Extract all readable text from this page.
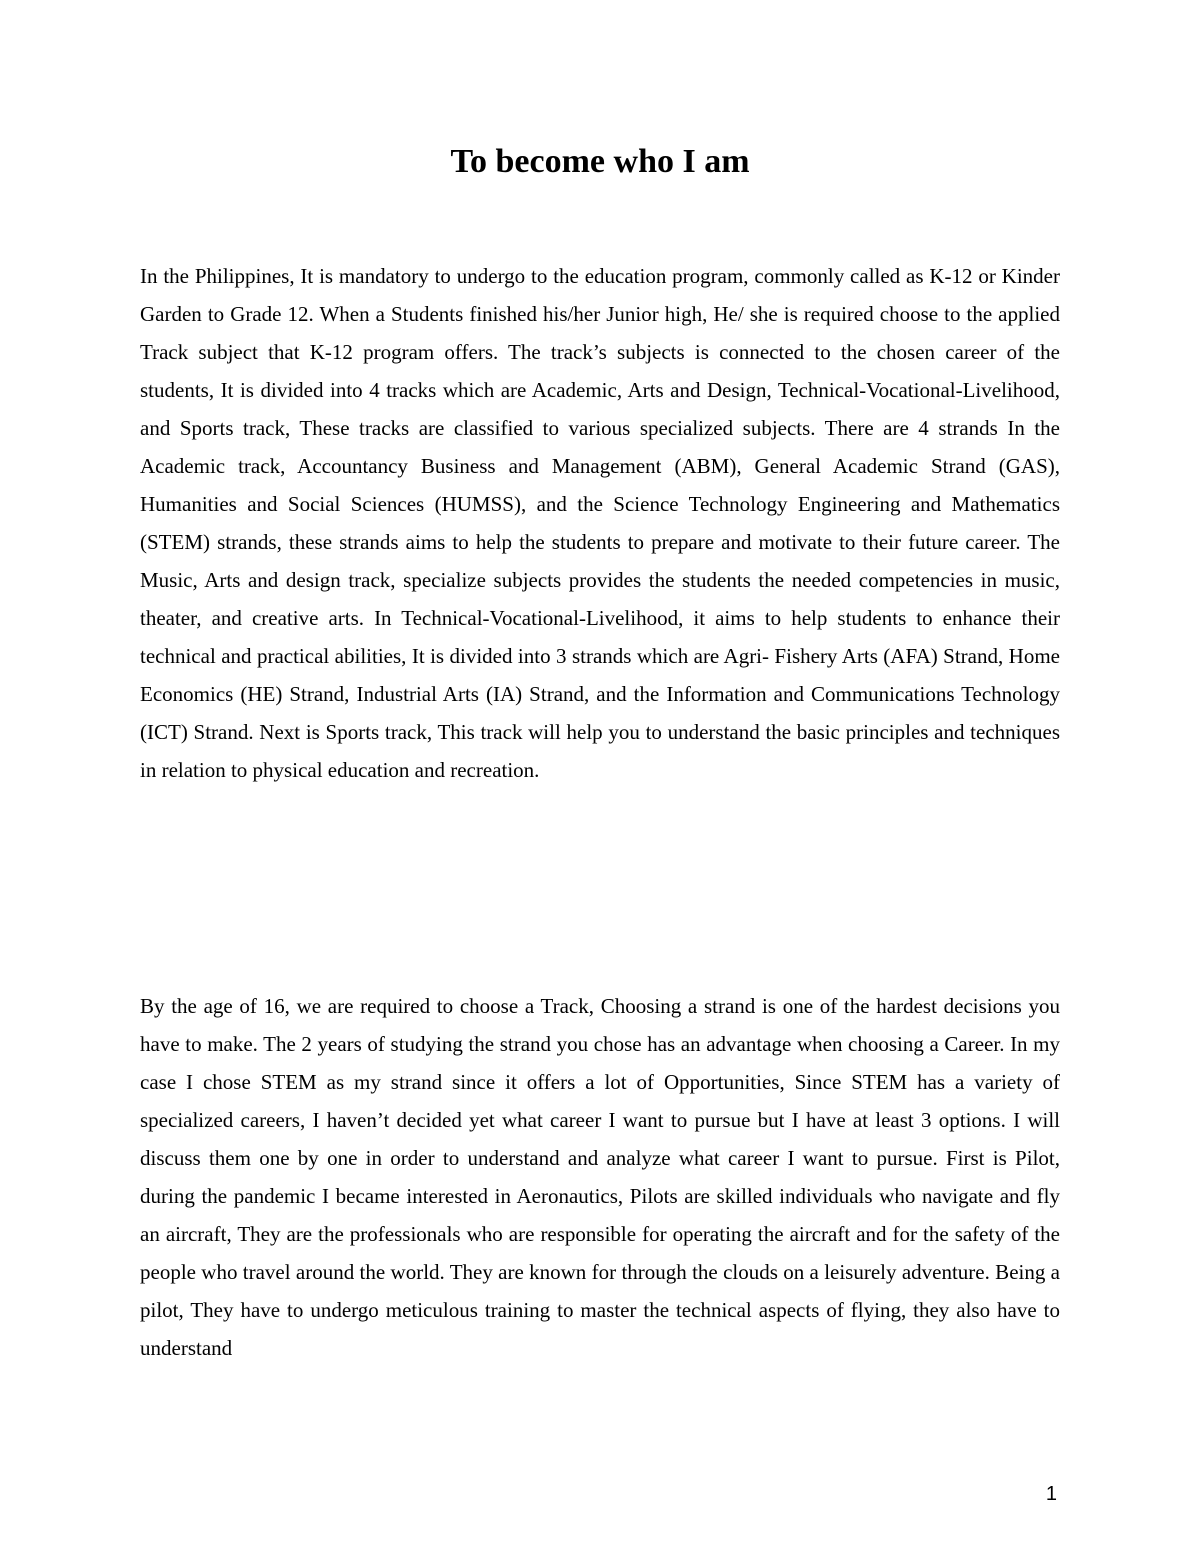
To become who I am

In the Philippines, It is mandatory to undergo to the education program, commonly called as K-12 or Kinder Garden to Grade 12. When a Students finished his/her Junior high, He/ she is required choose to the applied Track subject that K-12 program offers. The track’s subjects is connected to the chosen career of the students, It is divided into 4 tracks which are Academic, Arts and Design, Technical-Vocational-Livelihood, and Sports track, These tracks are classified to various specialized subjects. There are 4 strands In the Academic track, Accountancy Business and Management (ABM), General Academic Strand (GAS), Humanities and Social Sciences (HUMSS), and the Science Technology Engineering and Mathematics (STEM) strands, these strands aims to help the students to prepare and motivate to their future career. The Music, Arts and design track, specialize subjects provides the students the needed competencies in music, theater, and creative arts. In Technical-Vocational-Livelihood, it aims to help students to enhance their technical and practical abilities, It is divided into 3 strands which are Agri- Fishery Arts (AFA) Strand, Home Economics (HE) Strand, Industrial Arts (IA) Strand, and the Information and Communications Technology (ICT) Strand. Next is Sports track, This track will help you to understand the basic principles and techniques in relation to physical education and recreation.

By the age of 16, we are required to choose a Track, Choosing a strand is one of the hardest decisions you have to make. The 2 years of studying the strand you chose has an advantage when choosing a Career. In my case I chose STEM as my strand since it offers a lot of Opportunities, Since STEM has a variety of specialized careers, I haven’t decided yet what career I want to pursue but I have at least 3 options. I will discuss them one by one in order to understand and analyze what career I want to pursue. First is Pilot, during the pandemic I became interested in Aeronautics, Pilots are skilled individuals who navigate and fly an aircraft, They are the professionals who are responsible for operating the aircraft and for the safety of the people who travel around the world. They are known for through the clouds on a leisurely adventure. Being a pilot, They have to undergo meticulous training to master the technical aspects of flying, they also have to understand

1
